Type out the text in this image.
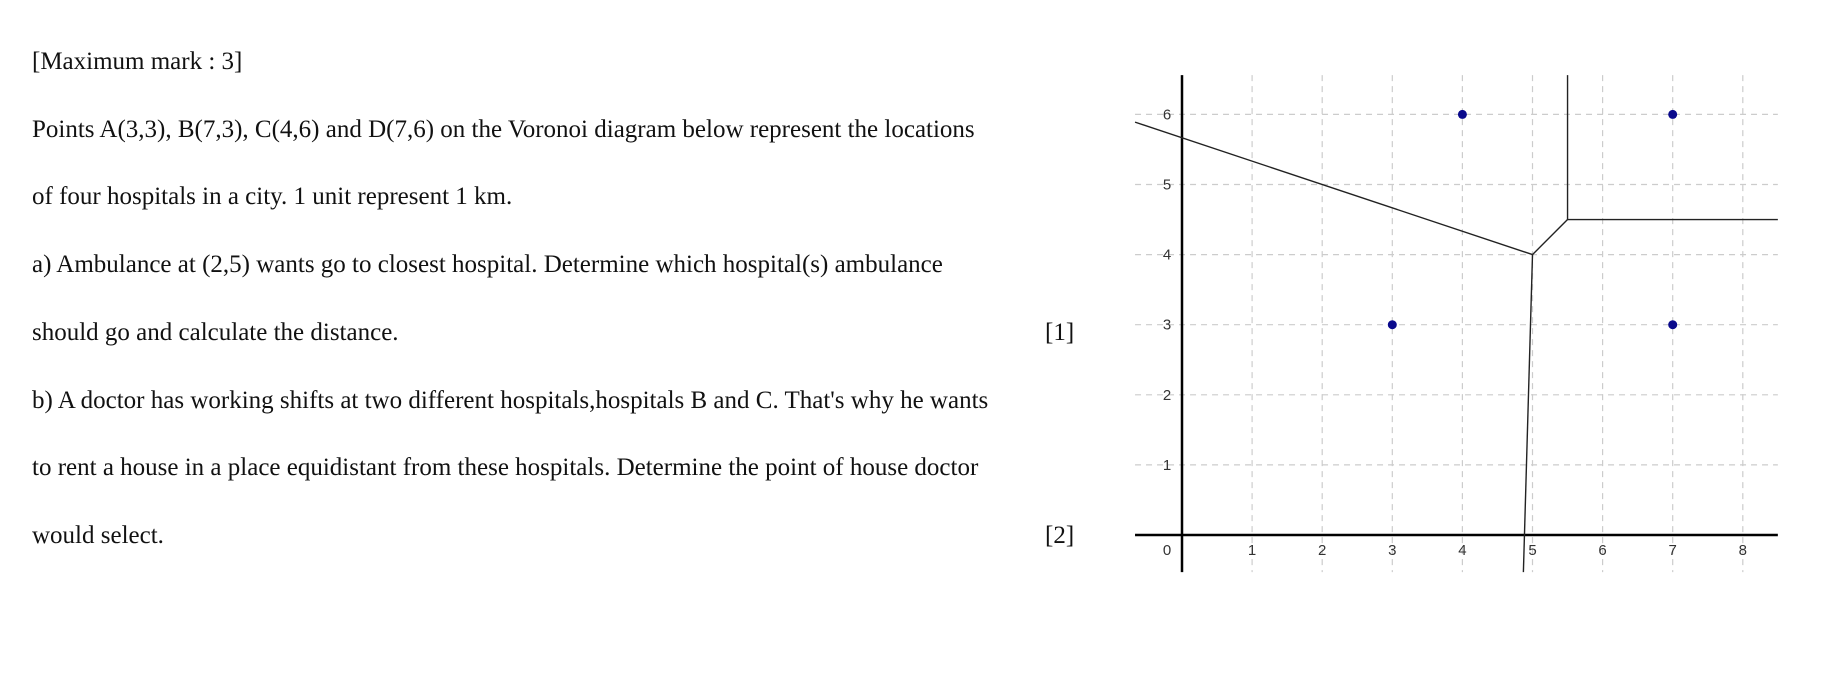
[Maximum mark : 3]
Points A(3,3), B(7,3), C(4,6) and D(7,6) on the Voronoi diagram below represent the locations
of four hospitals in a city. 1 unit represent 1 km.
a) Ambulance at (2,5) wants go to closest hospital. Determine which hospital(s) ambulance
should go and calculate the distance.	[1]
b) A doctor has working shifts at two different hospitals,hospitals B and C. That's why he wants
to rent a house in a place equidistant from these hospitals. Determine the point of house doctor
would select.	[2]
0	1	2	3	4	5	6	7	8
1
2
3
4
5
6
